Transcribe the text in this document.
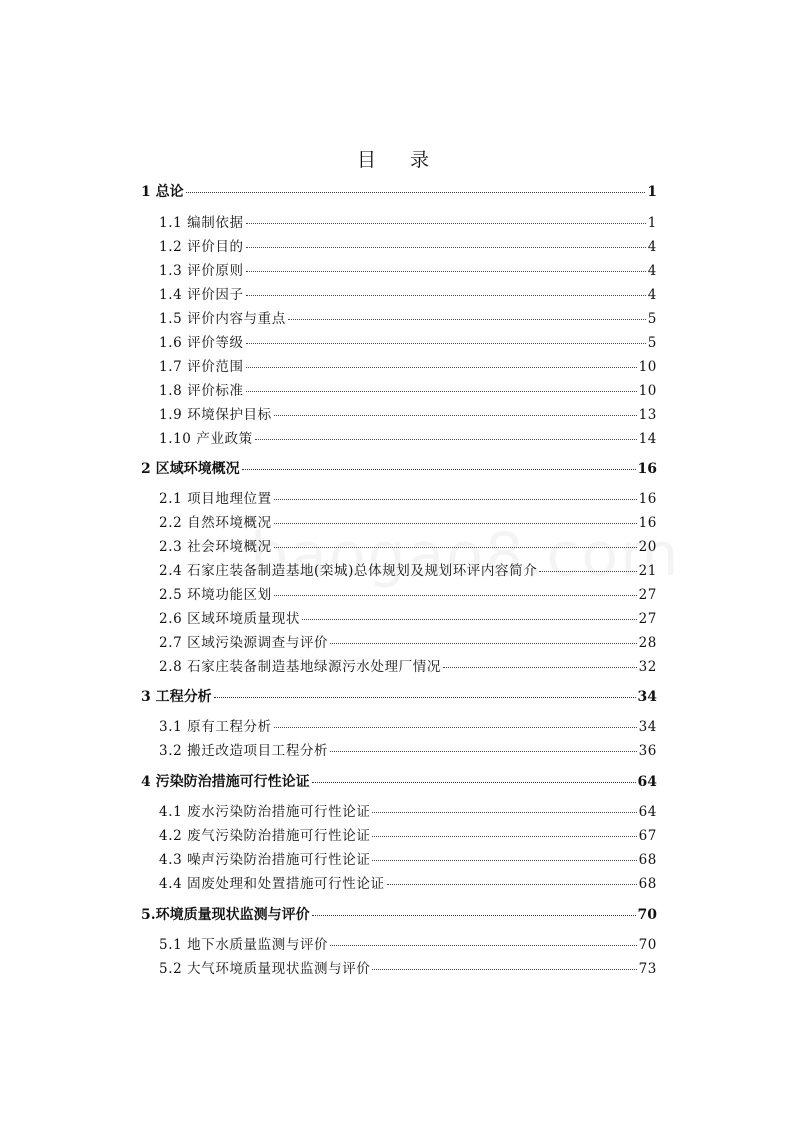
目 录
1 总论	1
1.1 编制依据	1
1.2 评价目的	4
1.3 评价原则	4
1.4 评价因子	4
1.5 评价内容与重点	5
1.6 评价等级	5
1.7 评价范围	10
1.8 评价标准	10
1.9 环境保护目标	13
1.10 产业政策	14
2 区域环境概况	16
2.1 项目地理位置	16
2.2 自然环境概况	16
2.3 社会环境概况	20
2.4 石家庄装备制造基地(栾城)总体规划及规划环评内容简介	21
2.5 环境功能区划	27
2.6 区域环境质量现状	27
2.7 区域污染源调查与评价	28
2.8 石家庄装备制造基地绿源污水处理厂情况	32
3 工程分析	34
3.1 原有工程分析	34
3.2 搬迁改造项目工程分析	36
4 污染防治措施可行性论证	64
4.1 废水污染防治措施可行性论证	64
4.2 废气污染防治措施可行性论证	67
4.3 噪声污染防治措施可行性论证	68
4.4 固废处理和处置措施可行性论证	68
5.环境质量现状监测与评价	70
5.1 地下水质量监测与评价	70
5.2 大气环境质量现状监测与评价	73
